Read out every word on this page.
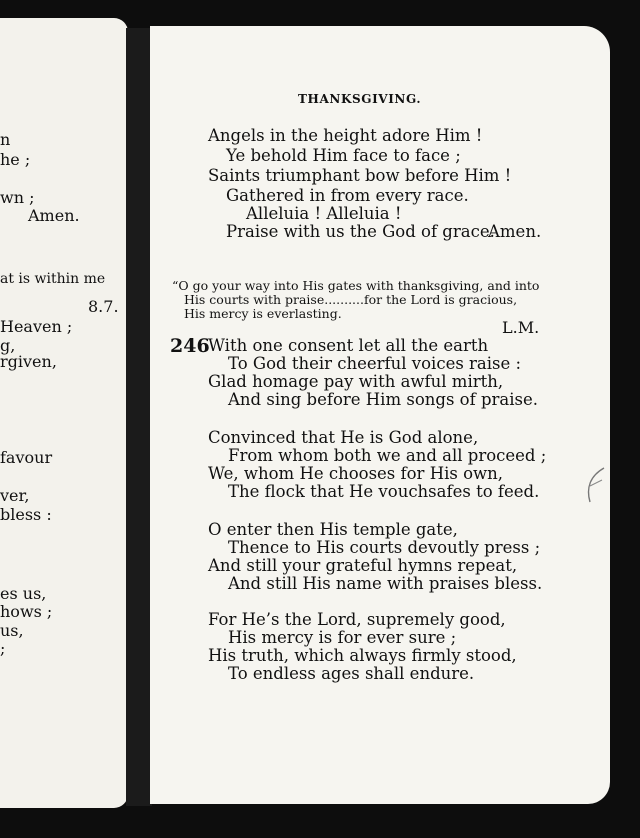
n
he ;
wn ;
Amen.
at is within me
8.7.
Heaven ;
g,
rgiven,
favour
ver,
bless :
es us,
hows ;
us,
;
THANKSGIVING.
Angels in the height adore Him !
Ye behold Him face to face ;
Saints triumphant bow before Him !
Gathered in from every race.
Alleluia ! Alleluia !
Praise with us the God of grace.
Amen.
“O go your way into His gates with thanksgiving, and into
His courts with praise..........for the Lord is gracious,
His mercy is everlasting.
L.M.
246
With one consent let all the earth
To God their cheerful voices raise :
Glad homage pay with awful mirth,
And sing before Him songs of praise.
Convinced that He is God alone,
From whom both we and all proceed ;
We, whom He chooses for His own,
The flock that He vouchsafes to feed.
O enter then His temple gate,
Thence to His courts devoutly press ;
And still your grateful hymns repeat,
And still His name with praises bless.
For He’s the Lord, supremely good,
His mercy is for ever sure ;
His truth, which always firmly stood,
To endless ages shall endure.
